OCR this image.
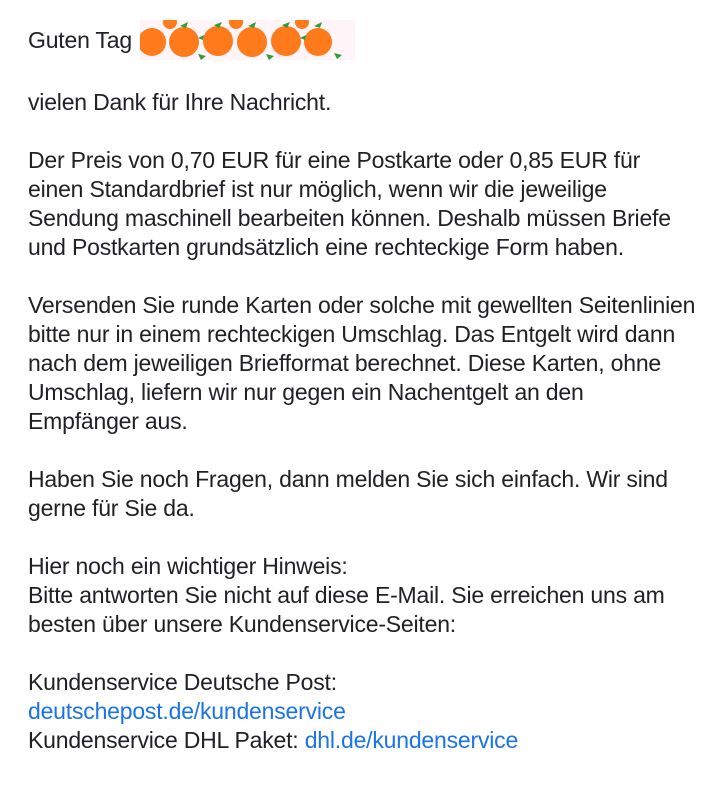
Guten Tag

vielen Dank für Ihre Nachricht.

Der Preis von 0,70 EUR für eine Postkarte oder 0,85 EUR für einen Standardbrief ist nur möglich, wenn wir die jeweilige Sendung maschinell bearbeiten können. Deshalb müssen Briefe und Postkarten grundsätzlich eine rechteckige Form haben.

Versenden Sie runde Karten oder solche mit gewellten Seitenlinien bitte nur in einem rechteckigen Umschlag. Das Entgelt wird dann nach dem jeweiligen Briefformat berechnet. Diese Karten, ohne Umschlag, liefern wir nur gegen ein Nachentgelt an den Empfänger aus.

Haben Sie noch Fragen, dann melden Sie sich einfach. Wir sind gerne für Sie da.

Hier noch ein wichtiger Hinweis:
Bitte antworten Sie nicht auf diese E-Mail. Sie erreichen uns am besten über unsere Kundenservice-Seiten:

Kundenservice Deutsche Post:
deutschepost.de/kundenservice
Kundenservice DHL Paket: dhl.de/kundenservice
